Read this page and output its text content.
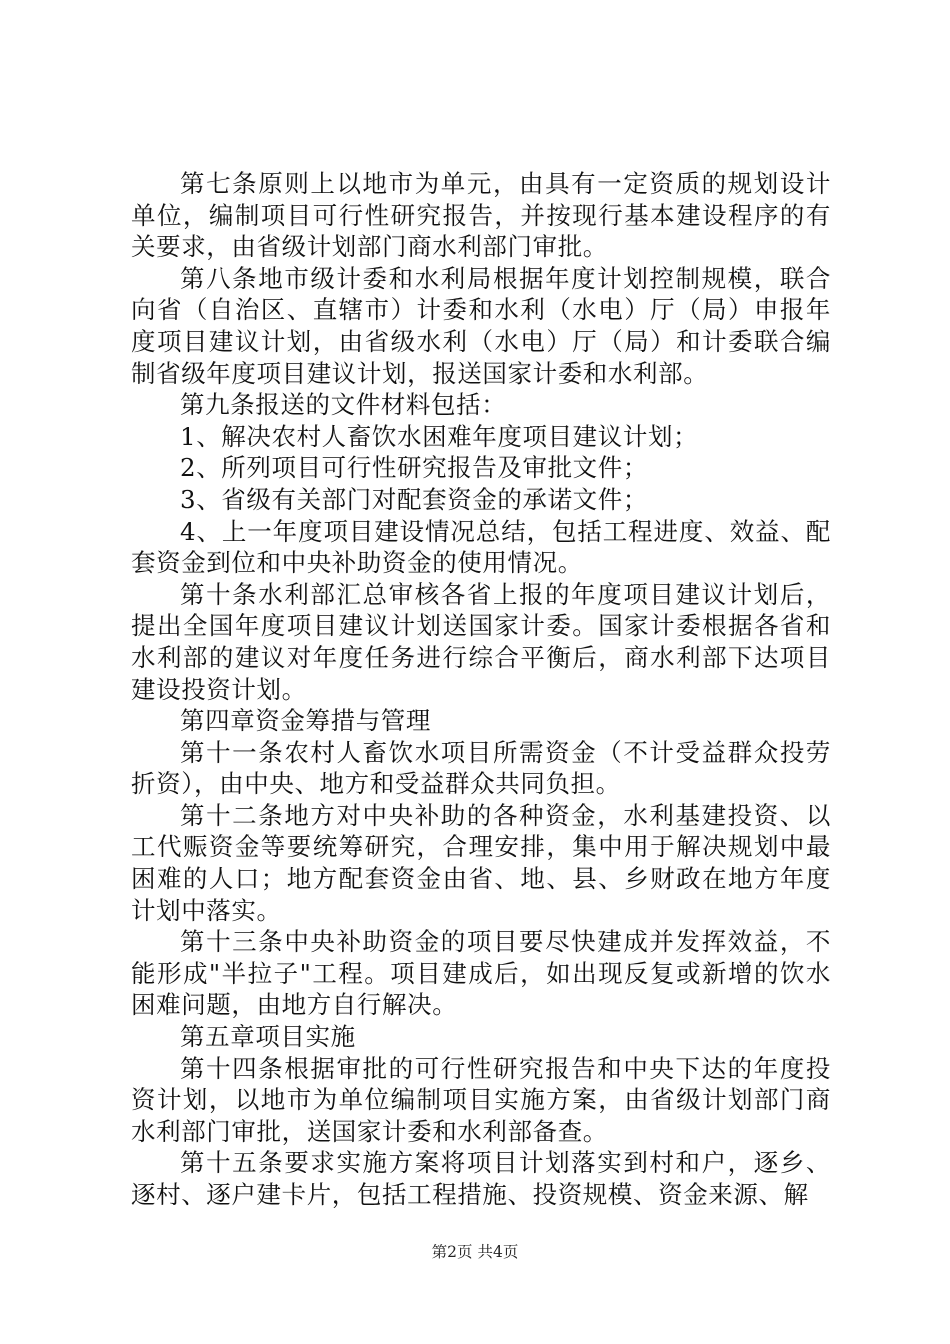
第七条原则上以地市为单元，由具有一定资质的规划设计单位，编制项目可行性研究报告，并按现行基本建设程序的有关要求，由省级计划部门商水利部门审批。

第八条地市级计委和水利局根据年度计划控制规模，联合向省（自治区、直辖市）计委和水利（水电）厅（局）申报年度项目建议计划，由省级水利（水电）厅（局）和计委联合编制省级年度项目建议计划，报送国家计委和水利部。

第九条报送的文件材料包括：

1、解决农村人畜饮水困难年度项目建议计划；

2、所列项目可行性研究报告及审批文件；

3、省级有关部门对配套资金的承诺文件；

4、上一年度项目建设情况总结，包括工程进度、效益、配套资金到位和中央补助资金的使用情况。

第十条水利部汇总审核各省上报的年度项目建议计划后，提出全国年度项目建议计划送国家计委。国家计委根据各省和水利部的建议对年度任务进行综合平衡后，商水利部下达项目建设投资计划。

第四章资金筹措与管理

第十一条农村人畜饮水项目所需资金（不计受益群众投劳折资），由中央、地方和受益群众共同负担。

第十二条地方对中央补助的各种资金，水利基建投资、以工代赈资金等要统筹研究，合理安排，集中用于解决规划中最困难的人口；地方配套资金由省、地、县、乡财政在地方年度计划中落实。

第十三条中央补助资金的项目要尽快建成并发挥效益，不能形成"半拉子"工程。项目建成后，如出现反复或新增的饮水困难问题，由地方自行解决。

第五章项目实施

第十四条根据审批的可行性研究报告和中央下达的年度投资计划，以地市为单位编制项目实施方案，由省级计划部门商水利部门审批，送国家计委和水利部备查。

第十五条要求实施方案将项目计划落实到村和户，逐乡、逐村、逐户建卡片，包括工程措施、投资规模、资金来源、解

第2页 共4页
